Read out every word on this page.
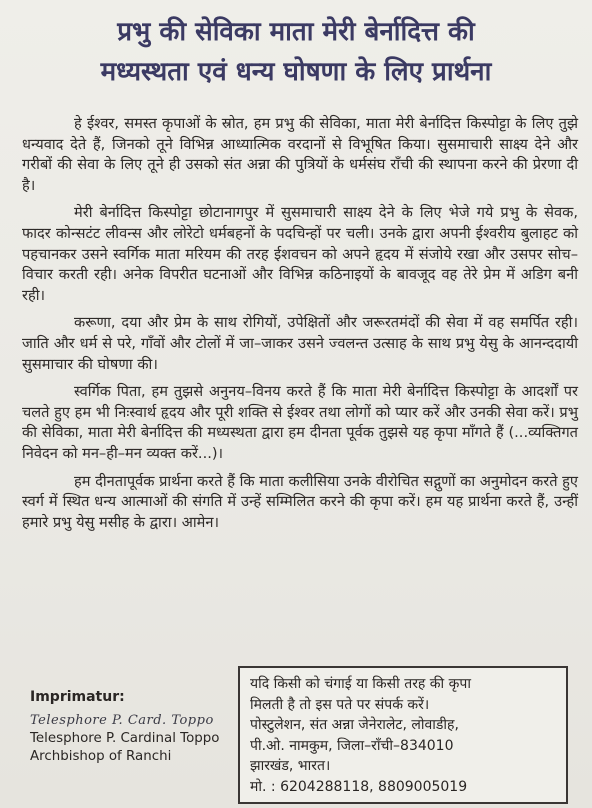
प्रभु की सेविका माता मेरी बेर्नादित्त की
मध्यस्थता एवं धन्य घोषणा के लिए प्रार्थना

हे ईश्वर, समस्त कृपाओं के स्रोत, हम प्रभु की सेविका, माता मेरी बेर्नादित्त किस्पोट्टा के लिए तुझे धन्यवाद देते हैं, जिनको तूने विभिन्न आध्यात्मिक वरदानों से विभूषित किया। सुसमाचारी साक्ष्य देने और गरीबों की सेवा के लिए तूने ही उसको संत अन्ना की पुत्रियों के धर्मसंघ राँची की स्थापना करने की प्रेरणा दी है।

मेरी बेर्नादित्त किस्पोट्टा छोटानागपुर में सुसमाचारी साक्ष्य देने के लिए भेजे गये प्रभु के सेवक, फादर कोन्सटंट लीवन्स और लोरेटो धर्मबहनों के पदचिन्हों पर चली। उनके द्वारा अपनी ईश्वरीय बुलाहट को पहचानकर उसने स्वर्गिक माता मरियम की तरह ईशवचन को अपने हृदय में संजोये रखा और उसपर सोच–विचार करती रही। अनेक विपरीत घटनाओं और विभिन्न कठिनाइयों के बावजूद वह तेरे प्रेम में अडिग बनी रही।

करूणा, दया और प्रेम के साथ रोगियों, उपेक्षितों और जरूरतमंदों की सेवा में वह समर्पित रही। जाति और धर्म से परे, गाँवों और टोलों में जा–जाकर उसने ज्वलन्त उत्साह के साथ प्रभु येसु के आनन्ददायी सुसमाचार की घोषणा की।

स्वर्गिक पिता, हम तुझसे अनुनय–विनय करते हैं कि माता मेरी बेर्नादित्त किस्पोट्टा के आदर्शों पर चलते हुए हम भी निःस्वार्थ हृदय और पूरी शक्ति से ईश्वर तथा लोगों को प्यार करें और उनकी सेवा करें। प्रभु की सेविका, माता मेरी बेर्नादित्त की मध्यस्थता द्वारा हम दीनता पूर्वक तुझसे यह कृपा माँगते हैं (...व्यक्तिगत निवेदन को मन–ही–मन व्यक्त करें...)।

हम दीनतापूर्वक प्रार्थना करते हैं कि माता कलीसिया उनके वीरोचित सद्गुणों का अनुमोदन करते हुए स्वर्ग में स्थित धन्य आत्माओं की संगति में उन्हें सम्मिलित करने की कृपा करें। हम यह प्रार्थना करते हैं, उन्हीं हमारे प्रभु येसु मसीह के द्वारा। आमेन।

Imprimatur:
Telesphore P. Card. Toppo
Telesphore P. Cardinal Toppo
Archbishop of Ranchi
यदि किसी को चंगाई या किसी तरह की कृपा
मिलती है तो इस पते पर संपर्क करें।
पोस्टुलेशन, संत अन्ना जेनेरालेट, लोवाडीह,
पी.ओ. नामकुम, जिला–राँची–834010
झारखंड, भारत।
मो. : 6204288118, 8809005019
